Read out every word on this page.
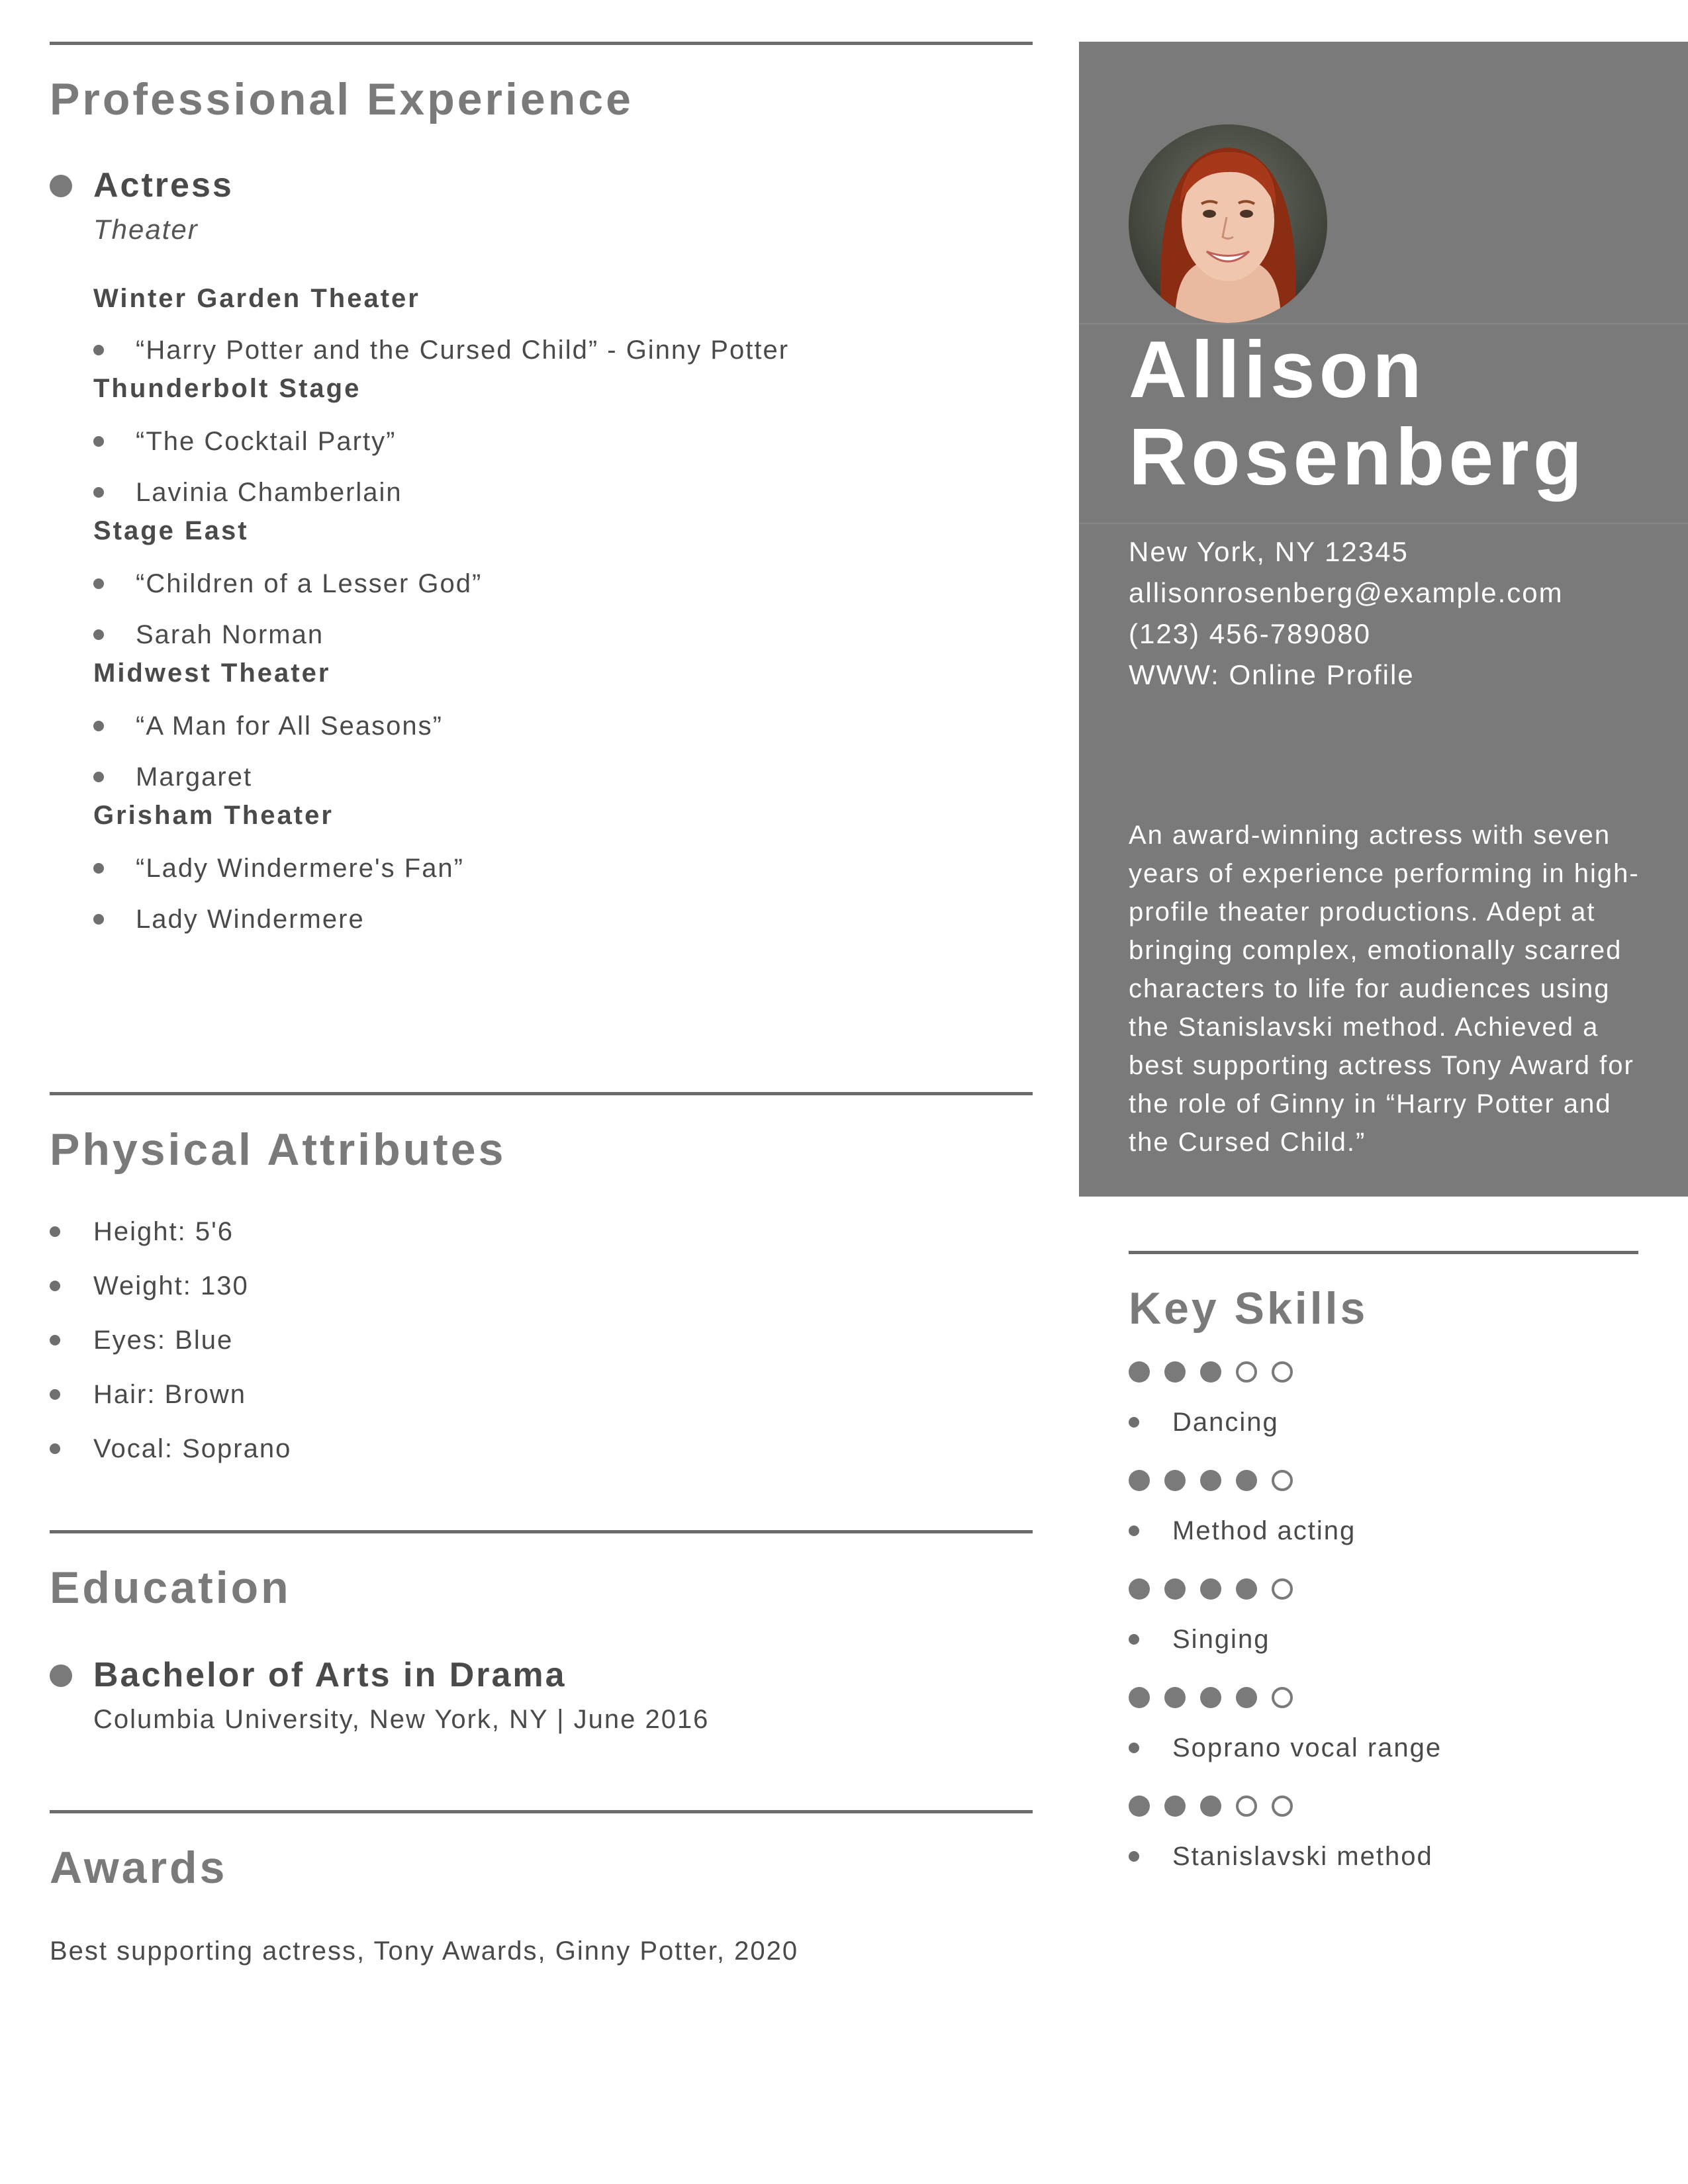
Professional Experience
Actress
Theater
Winter Garden Theater
“Harry Potter and the Cursed Child” - Ginny Potter
Thunderbolt Stage
“The Cocktail Party”
Lavinia Chamberlain
Stage East
“Children of a Lesser God”
Sarah Norman
Midwest Theater
“A Man for All Seasons”
Margaret
Grisham Theater
“Lady Windermere's Fan”
Lady Windermere
Physical Attributes
Height: 5'6
Weight: 130
Eyes: Blue
Hair: Brown
Vocal: Soprano
Education
Bachelor of Arts in Drama
Columbia University, New York, NY | June 2016
Awards
Best supporting actress, Tony Awards, Ginny Potter, 2020
Allison
Rosenberg
New York, NY 12345
allisonrosenberg@example.com
(123) 456-789080
WWW: Online Profile
An award-winning actress with seven years of experience performing in high-profile theater productions. Adept at bringing complex, emotionally scarred characters to life for audiences using the Stanislavski method. Achieved a best supporting actress Tony Award for the role of Ginny in “Harry Potter and the Cursed Child.”
Key Skills
Dancing
Method acting
Singing
Soprano vocal range
Stanislavski method
